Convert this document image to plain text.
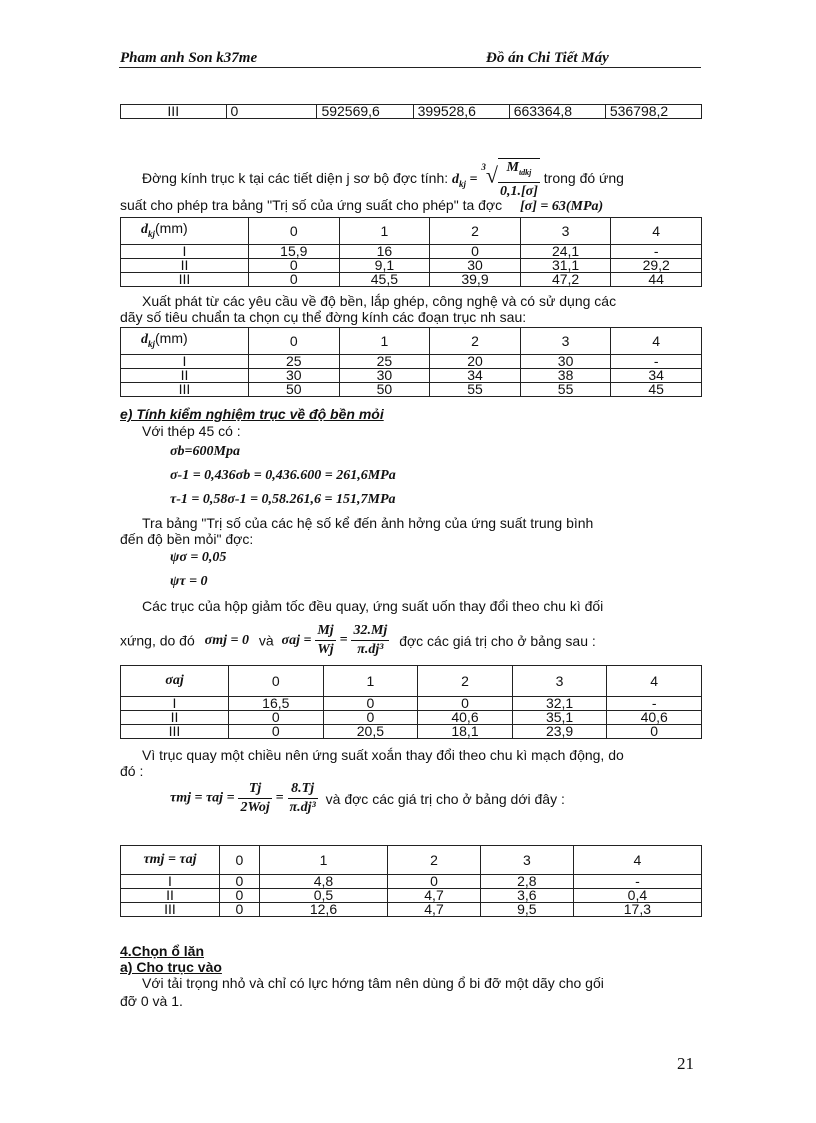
Pham anh Son k37me	Đồ án Chi Tiết Máy
III	0	592569,6	399528,6	663364,8	536798,2
Đờng kính trục k tại các tiết diện j sơ bộ đợc tính: $d_{kj} = ^3√ \frac{M_{tdkj}}{0,1.[\sigma]}$ trong đó ứng
suất cho phép tra bảng "Trị số của ứng suất cho phép" ta đợc [σ] = 63(MPa)
$d_{kj}(mm)$	0	1	2	3	4
I	15,9	16	0	24,1	-
II	0	9,1	30	31,1	29,2
III	0	45,5	39,9	47,2	44
Xuất phát từ các yêu cầu về độ bền, lắp ghép, công nghệ và có sử dụng các
dãy số tiêu chuẩn ta chọn cụ thể đờng kính các đoạn trục nh sau:
$d_{kj}(mm)$	0	1	2	3	4
I	25	25	20	30	-
II	30	30	34	38	34
III	50	50	55	55	45
e) Tính kiểm nghiệm trục về độ bền mỏi
Với thép 45 có :
σb=600Mpa
σ-1 = 0,436σb = 0,436.600 = 261,6MPa
τ-1 = 0,58σ-1 = 0,58.261,6 = 151,7MPa
Tra bảng "Trị số của các hệ số kể đến ảnh hởng của ứng suất trung bình
đến độ bền mỏi" đợc:
ψσ = 0,05
ψτ = 0
Các trục của hộp giảm tốc đều quay, ứng suất uốn thay đổi theo chu kì đối
xứng, do đó σmj = 0 và $\sigma aj = \frac{Mj}{Wj} = \frac{32.Mj}{\text{π.dj³}}$ đợc các giá trị cho ở bảng sau :
σaj	0	1	2	3	4
I	16,5	0	0	32,1	-
II	0	0	40,6	35,1	40,6
III	0	20,5	18,1	23,9	0
Vì trục quay một chiều nên ứng suất xoắn thay đổi theo chu kì mạch động, do
đó :
$\tau mj = \tau aj = \frac{Tj}{\text{2Woj}} = \frac{8.Tj}{\text{π.dj³}}$ và đợc các giá trị cho ở bảng dới đây :
τmj = τaj	0	1	2	3	4
I	0	4,8	0	2,8	-
II	0	0,5	4,7	3,6	0,4
III	0	12,6	4,7	9,5	17,3
4.Chọn ổ lăn
a) Cho trục vào
Với tải trọng nhỏ và chỉ có lực hớng tâm nên dùng ổ bi đỡ một dãy cho gối
đỡ 0 và 1.
21
